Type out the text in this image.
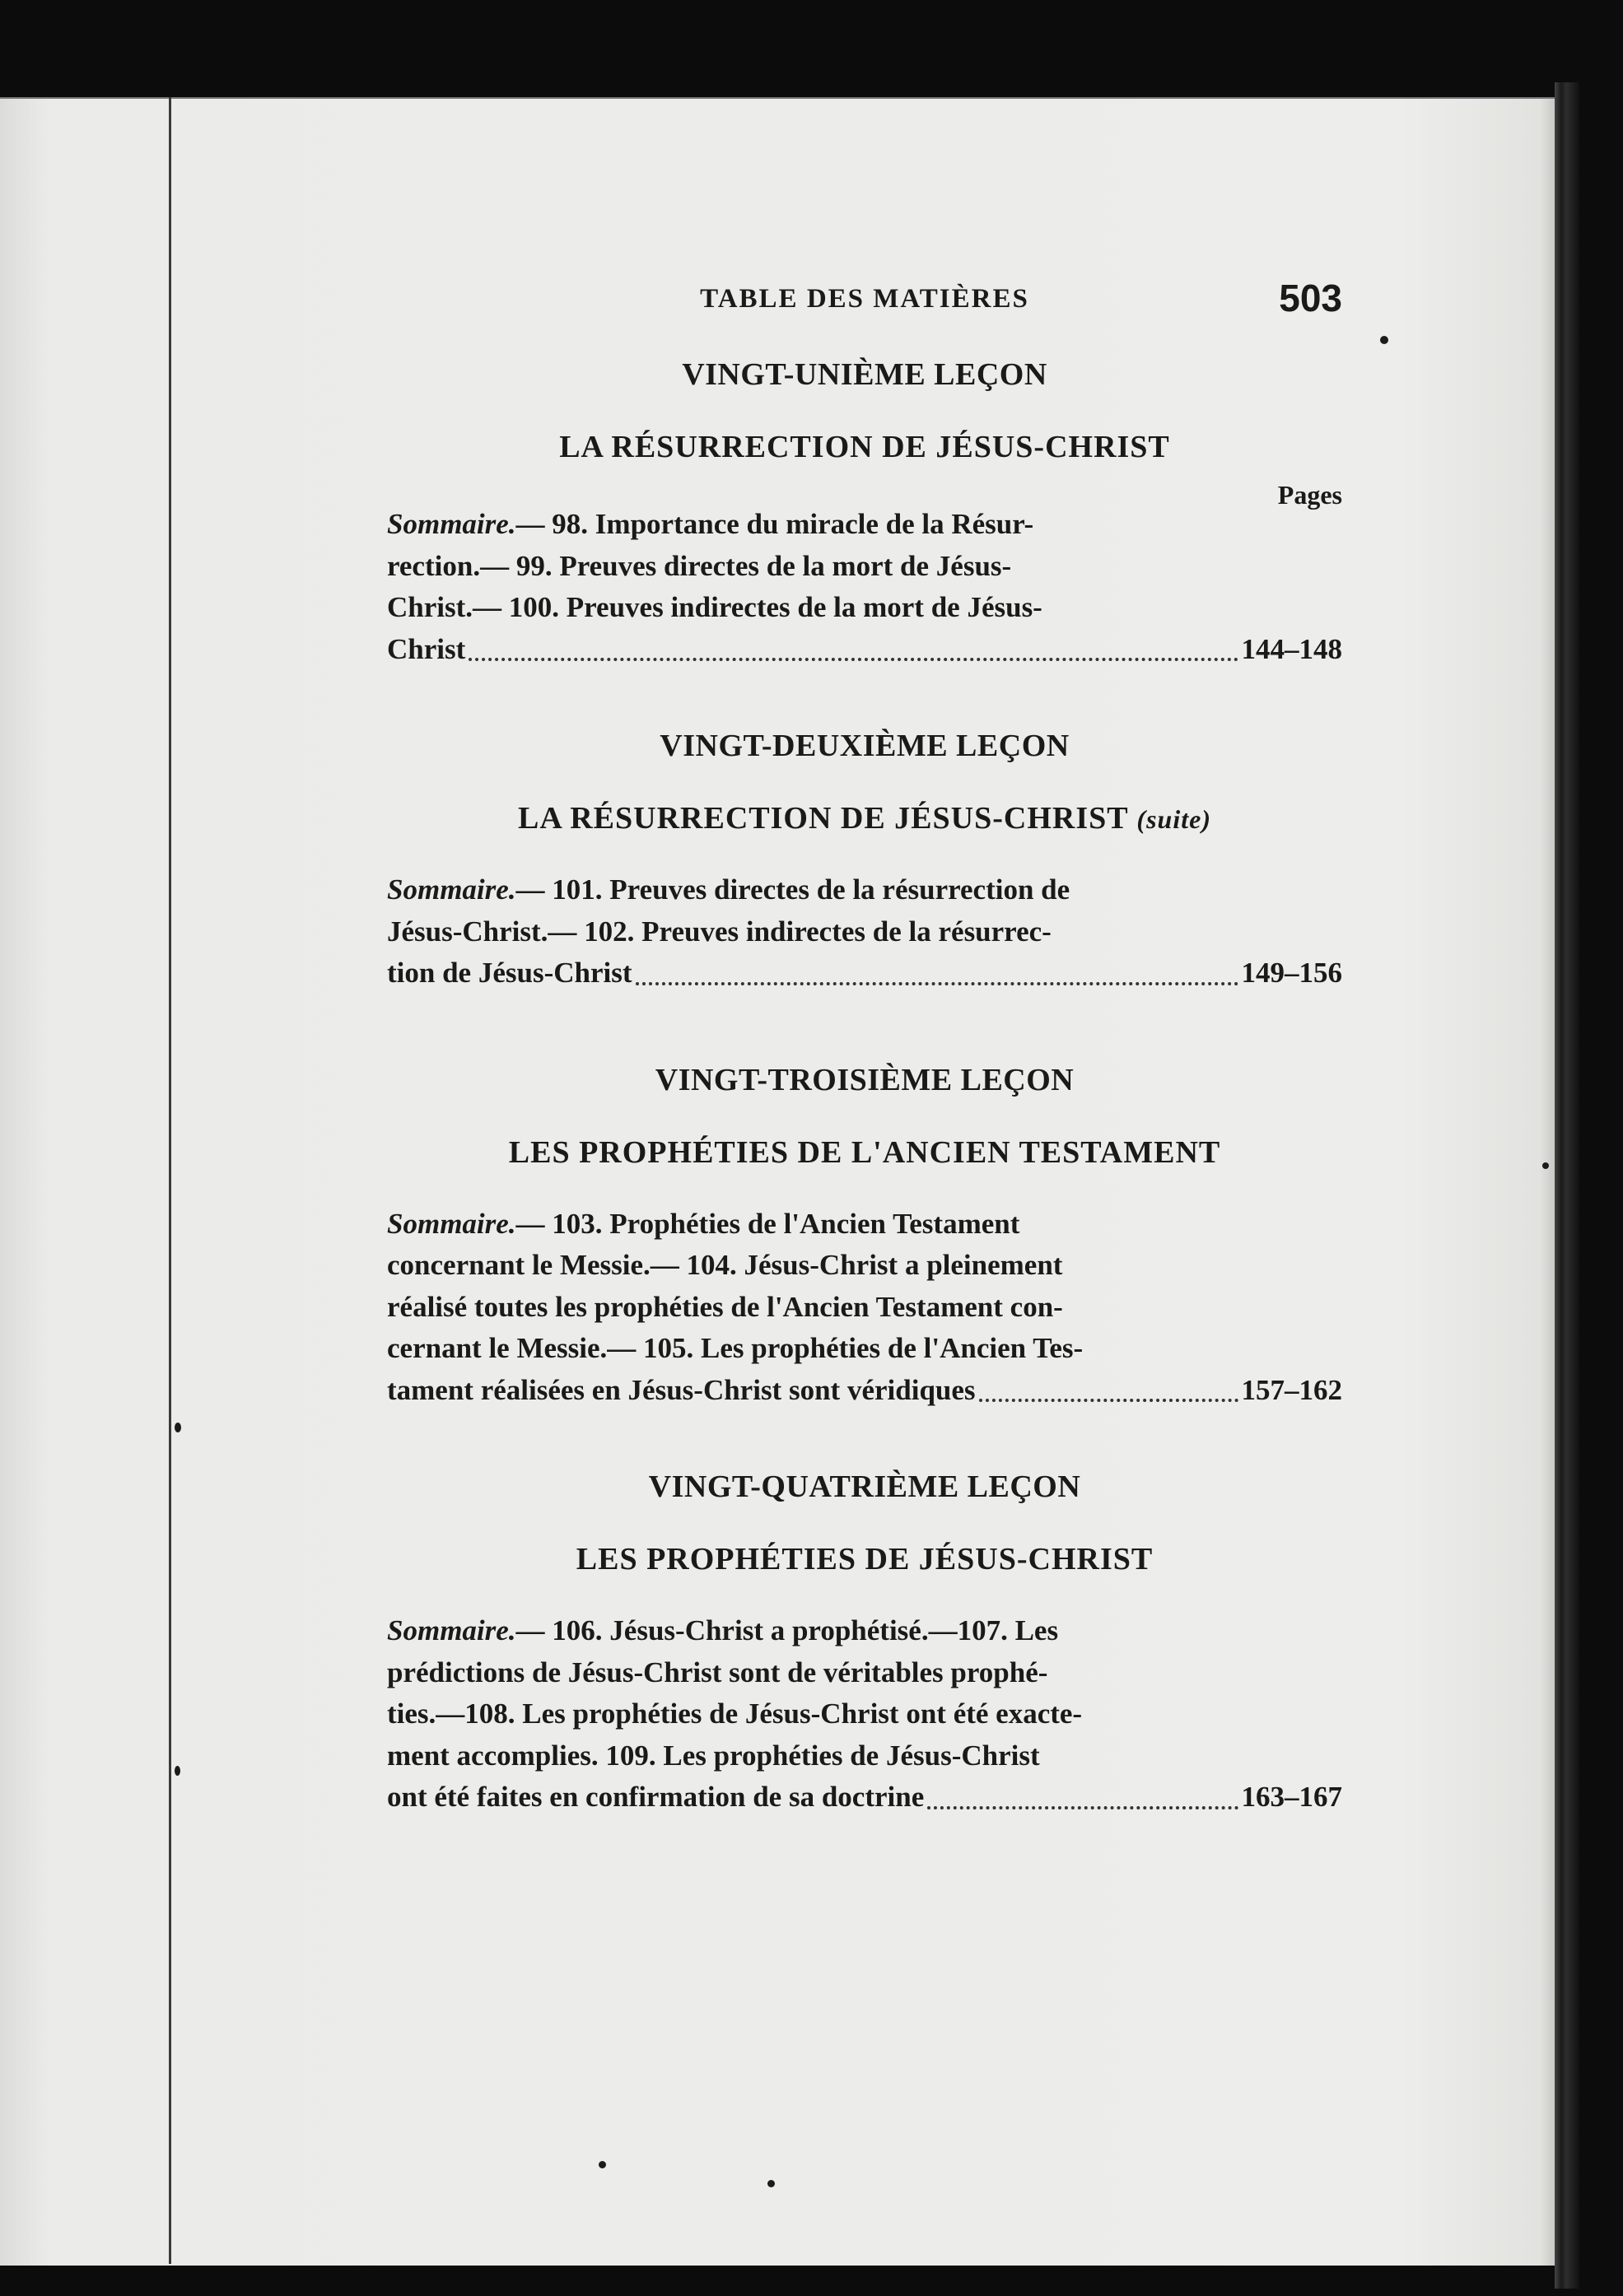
TABLE DES MATIÈRES	503
VINGT-UNIÈME LEÇON
LA RÉSURRECTION DE JÉSUS-CHRIST
Pages
Sommaire.— 98. Importance du miracle de la Résur-
rection.— 99. Preuves directes de la mort de Jésus-
Christ.— 100. Preuves indirectes de la mort de Jésus-
Christ	144–148
VINGT-DEUXIÈME LEÇON
LA RÉSURRECTION DE JÉSUS-CHRIST (suite)
Sommaire.— 101. Preuves directes de la résurrection de
Jésus-Christ.— 102. Preuves indirectes de la résurrec-
tion de Jésus-Christ	149–156
VINGT-TROISIÈME LEÇON
LES PROPHÉTIES DE L'ANCIEN TESTAMENT
Sommaire.— 103. Prophéties de l'Ancien Testament
concernant le Messie.— 104. Jésus-Christ a pleinement
réalisé toutes les prophéties de l'Ancien Testament con-
cernant le Messie.— 105. Les prophéties de l'Ancien Tes-
tament réalisées en Jésus-Christ sont véridiques	157–162
VINGT-QUATRIÈME LEÇON
LES PROPHÉTIES DE JÉSUS-CHRIST
Sommaire.— 106. Jésus-Christ a prophétisé.—107. Les
prédictions de Jésus-Christ sont de véritables prophé-
ties.—108. Les prophéties de Jésus-Christ ont été exacte-
ment accomplies. 109. Les prophéties de Jésus-Christ
ont été faites en confirmation de sa doctrine	163–167
